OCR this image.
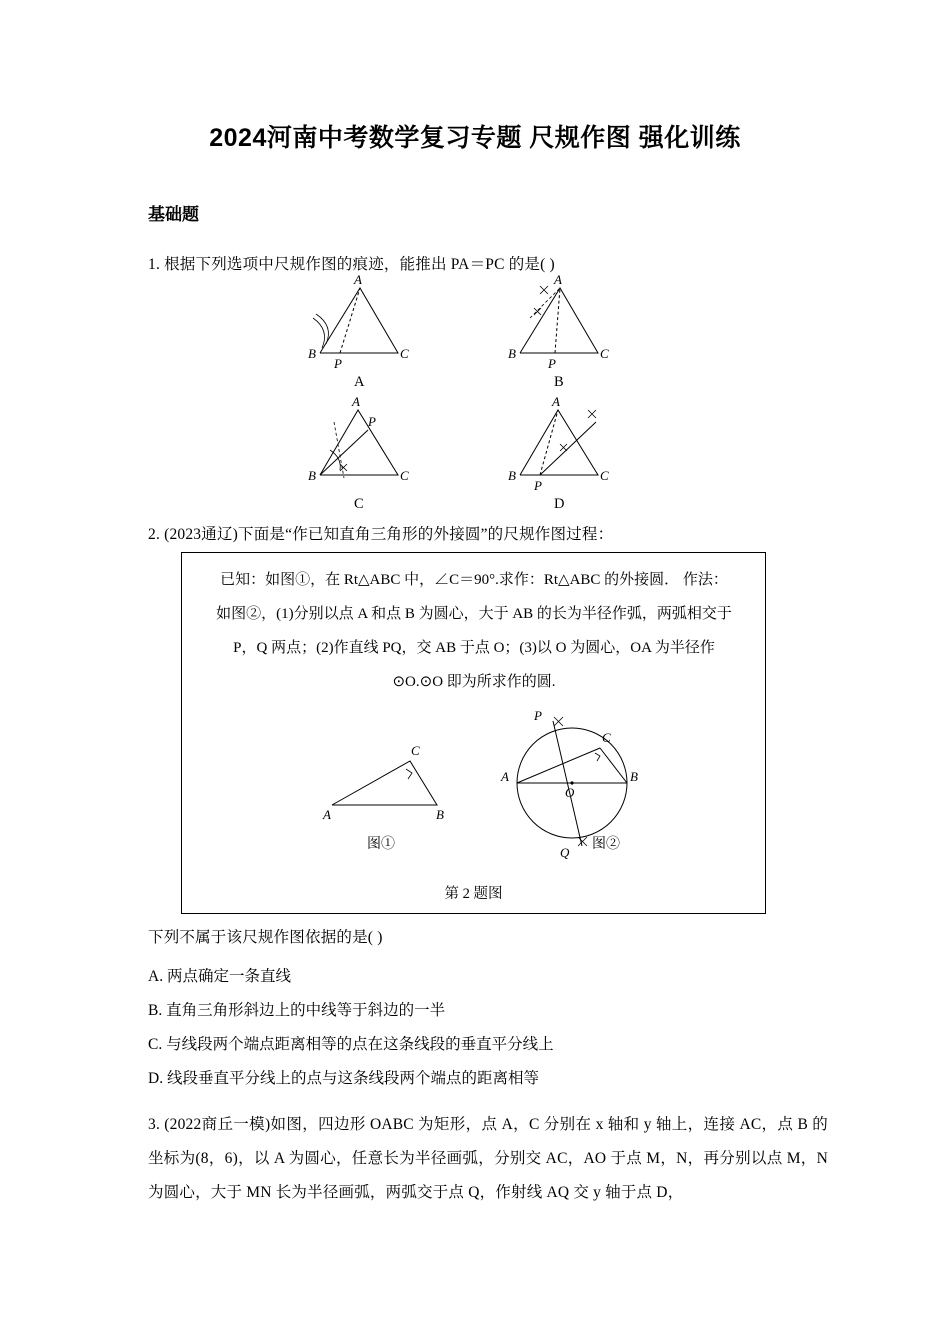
2024河南中考数学复习专题 尺规作图 强化训练
基础题
1. 根据下列选项中尺规作图的痕迹，能推出 PA＝PC 的是( )
A
B	C
P
A
A
B	C
P
B
A
B	C
P
C
A
B	C
P
D
2. (2023通辽)下面是“作已知直角三角形的外接圆”的尺规作图过程：

已知：如图①，在 Rt△ABC 中，∠C＝90°.求作：Rt△ABC 的外接圆． 作法：

如图②，(1)分别以点 A 和点 B 为圆心，大于 AB 的长为半径作弧，两弧相交于

P，Q 两点；(2)作直线 PQ，交 AB 于点 O；(3)以 O 为圆心，OA 为半径作

⊙O.⊙O 即为所求作的圆.

C
A	B
图①
P
C
A
O
B
Q
图②
第 2 题图
下列不属于该尺规作图依据的是( )
A. 两点确定一条直线
B. 直角三角形斜边上的中线等于斜边的一半
C. 与线段两个端点距离相等的点在这条线段的垂直平分线上
D. 线段垂直平分线上的点与这条线段两个端点的距离相等
3. (2022商丘一模)如图，四边形 OABC 为矩形，点 A，C 分别在 x 轴和 y 轴上，连接 AC，点 B 的坐标为(8，6)，以 A 为圆心，任意长为半径画弧，分别交 AC，AO 于点 M，N，再分别以点 M，N 为圆心，大于 MN 长为半径画弧，两弧交于点 Q，作射线 AQ 交 y 轴于点 D，
